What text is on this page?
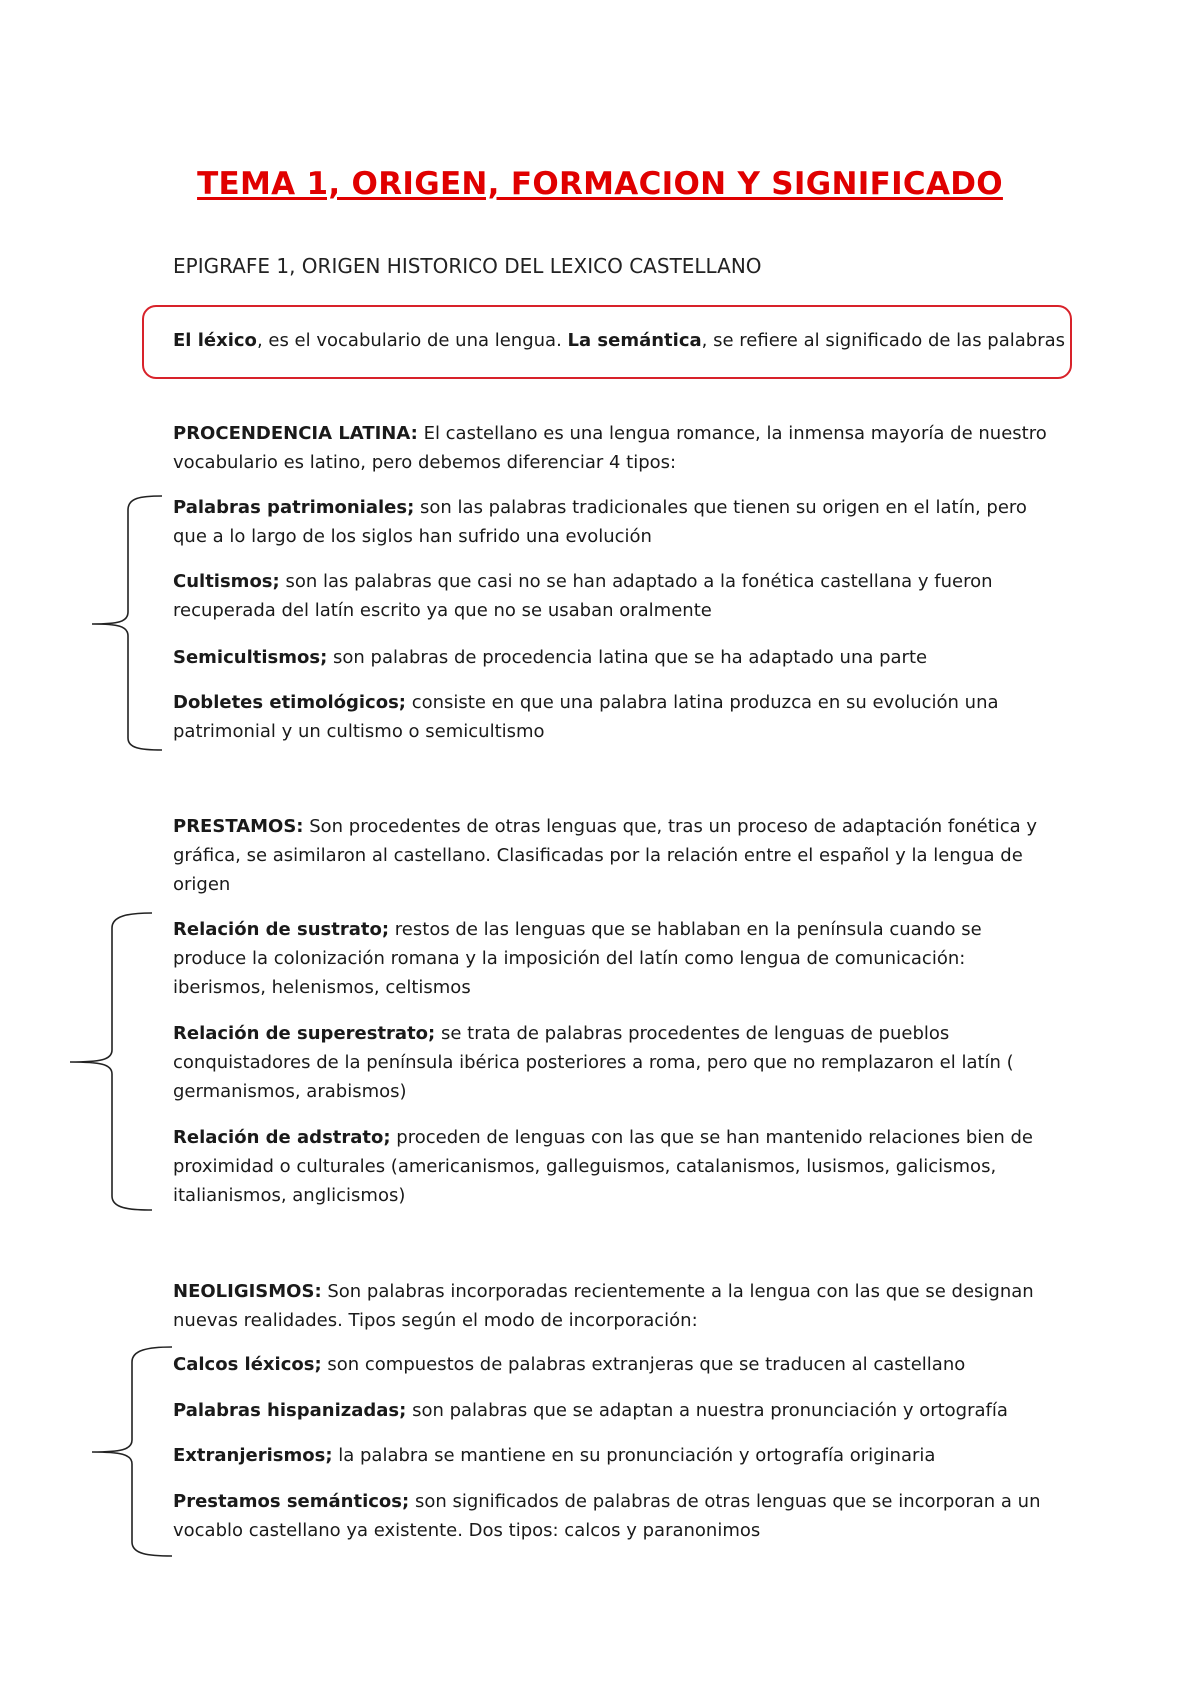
TEMA 1, ORIGEN, FORMACION Y SIGNIFICADO
EPIGRAFE 1, ORIGEN HISTORICO DEL LEXICO CASTELLANO
El léxico, es el vocabulario de una lengua. La semántica, se refiere al significado de las palabras

PROCENDENCIA LATINA: El castellano es una lengua romance, la inmensa mayoría de nuestro vocabulario es latino, pero debemos diferenciar 4 tipos:

Palabras patrimoniales; son las palabras tradicionales que tienen su origen en el latín, pero que a lo largo de los siglos han sufrido una evolución

Cultismos; son las palabras que casi no se han adaptado a la fonética castellana y fueron recuperada del latín escrito ya que no se usaban oralmente

Semicultismos; son palabras de procedencia latina que se ha adaptado una parte

Dobletes etimológicos; consiste en que una palabra latina produzca en su evolución una patrimonial y un cultismo o semicultismo

PRESTAMOS: Son procedentes de otras lenguas que, tras un proceso de adaptación fonética y gráfica, se asimilaron al castellano. Clasificadas por la relación entre el español y la lengua de origen

Relación de sustrato; restos de las lenguas que se hablaban en la península cuando se produce la colonización romana y la imposición del latín como lengua de comunicación: iberismos, helenismos, celtismos

Relación de superestrato; se trata de palabras procedentes de lenguas de pueblos conquistadores de la península ibérica posteriores a roma, pero que no remplazaron el latín ( germanismos, arabismos)

Relación de adstrato; proceden de lenguas con las que se han mantenido relaciones bien de proximidad o culturales (americanismos, galleguismos, catalanismos, lusismos, galicismos, italianismos, anglicismos)

NEOLIGISMOS: Son palabras incorporadas recientemente a la lengua con las que se designan nuevas realidades. Tipos según el modo de incorporación:

Calcos léxicos; son compuestos de palabras extranjeras que se traducen al castellano

Palabras hispanizadas; son palabras que se adaptan a nuestra pronunciación y ortografía

Extranjerismos; la palabra se mantiene en su pronunciación y ortografía originaria

Prestamos semánticos; son significados de palabras de otras lenguas que se incorporan a un vocablo castellano ya existente. Dos tipos: calcos y paranonimos
